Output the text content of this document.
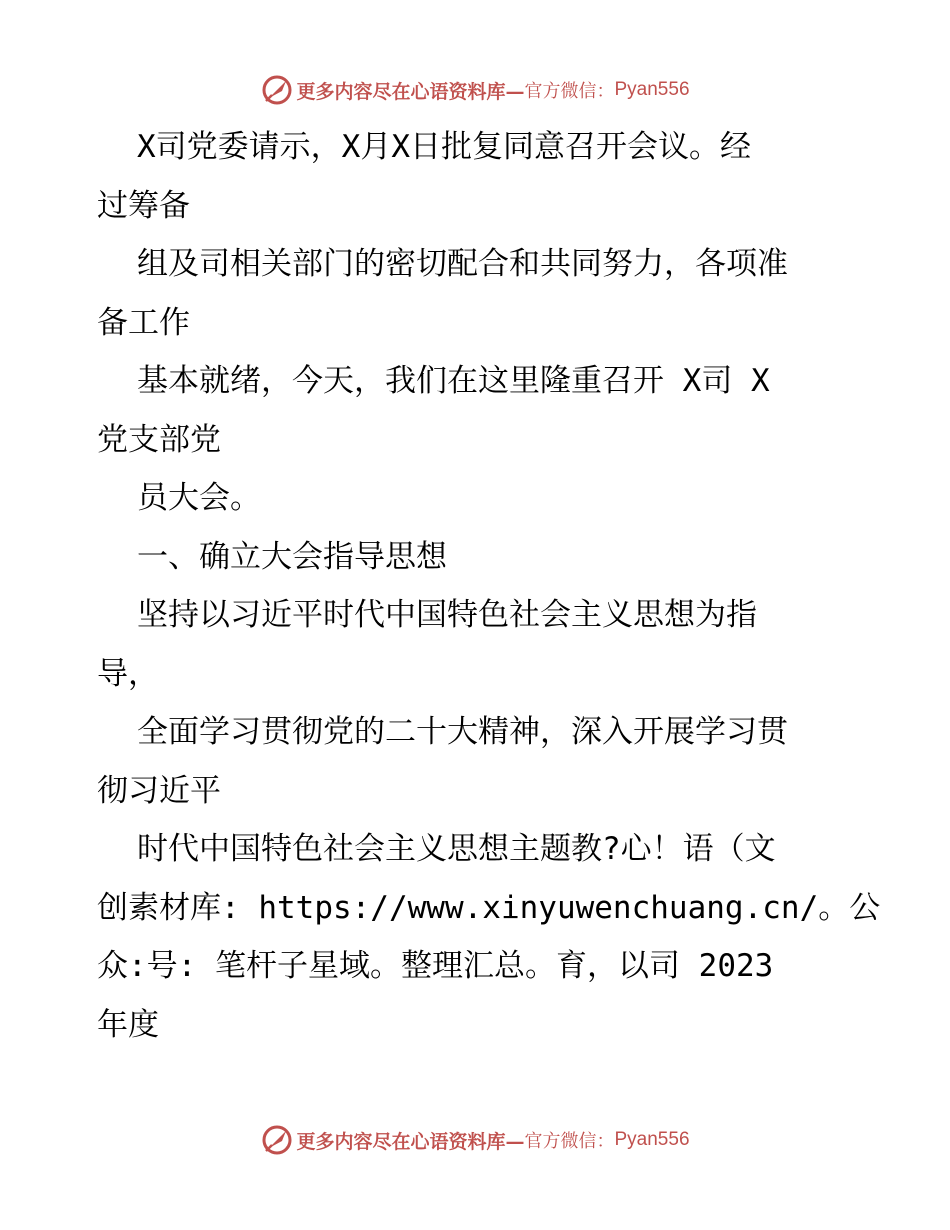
更多内容尽在心语资料库— 官方微信： Pyan556
X司党委请示，X月X日批复同意召开会议。经
过筹备
组及司相关部门的密切配合和共同努力，各项准
备工作
基本就绪，今天，我们在这里隆重召开 X司 X
党支部党
员大会。
一、确立大会指导思想
坚持以习近平时代中国特色社会主义思想为指
导，
全面学习贯彻党的二十大精神，深入开展学习贯
彻习近平
时代中国特色社会主义思想主题教?心！语（文
创素材库: https://www.xinyuwenchuang.cn/。公
众:号: 笔杆子星域。整理汇总。育，以司 2023
年度
更多内容尽在心语资料库— 官方微信： Pyan556
